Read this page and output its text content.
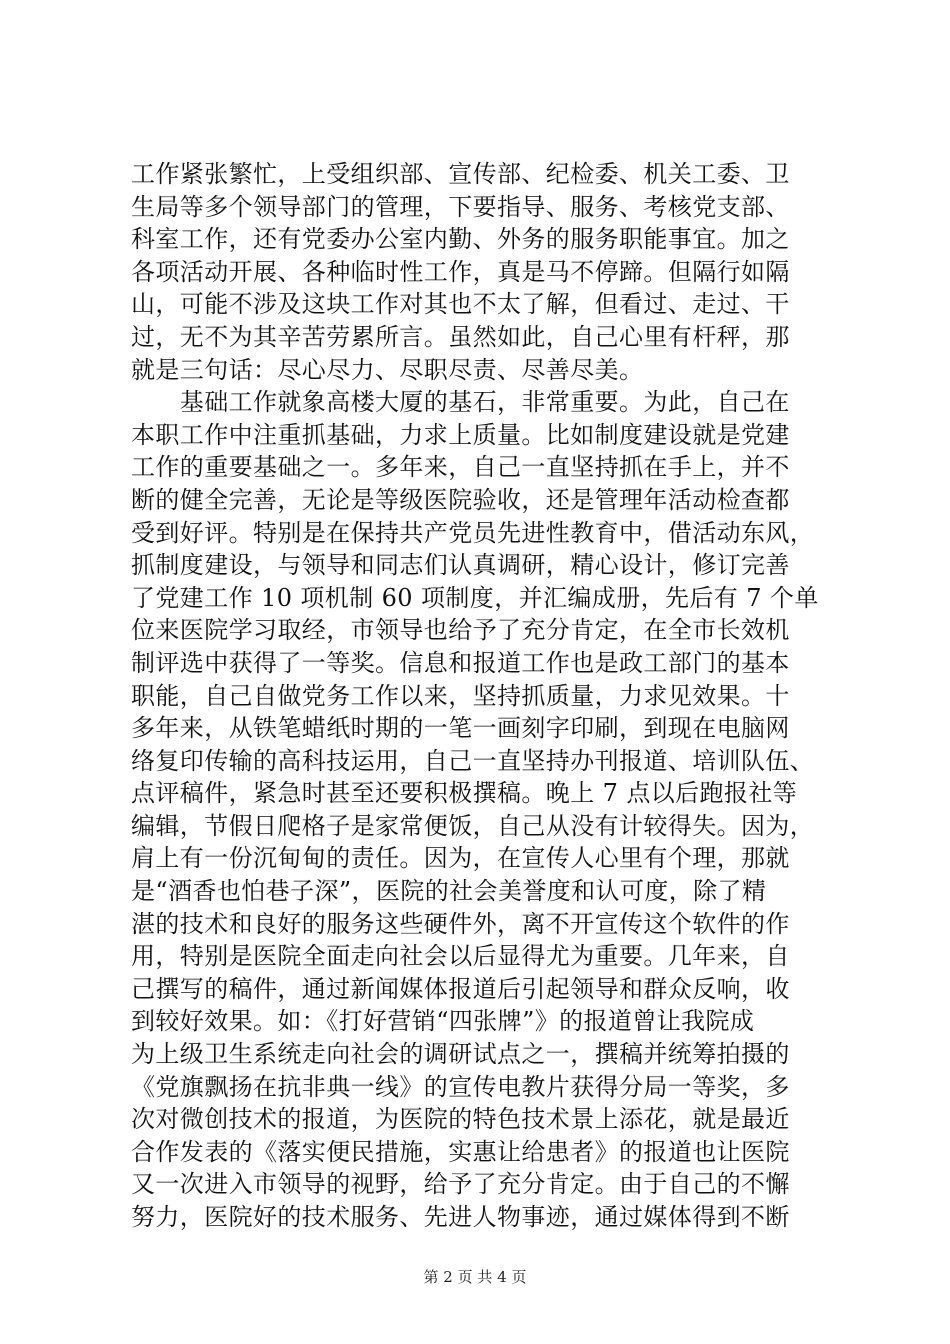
工作紧张繁忙，上受组织部、宣传部、纪检委、机关工委、卫
生局等多个领导部门的管理，下要指导、服务、考核党支部、
科室工作，还有党委办公室内勤、外务的服务职能事宜。加之
各项活动开展、各种临时性工作，真是马不停蹄。但隔行如隔
山，可能不涉及这块工作对其也不太了解，但看过、走过、干
过，无不为其辛苦劳累所言。虽然如此，自己心里有杆秤，那
就是三句话：尽心尽力、尽职尽责、尽善尽美。
　　基础工作就象高楼大厦的基石，非常重要。为此，自己在
本职工作中注重抓基础，力求上质量。比如制度建设就是党建
工作的重要基础之一。多年来，自己一直坚持抓在手上，并不
断的健全完善，无论是等级医院验收，还是管理年活动检查都
受到好评。特别是在保持共产党员先进性教育中，借活动东风，
抓制度建设，与领导和同志们认真调研，精心设计，修订完善
了党建工作 10 项机制 60 项制度，并汇编成册，先后有 7 个单
位来医院学习取经，市领导也给予了充分肯定，在全市长效机
制评选中获得了一等奖。信息和报道工作也是政工部门的基本
职能，自己自做党务工作以来，坚持抓质量，力求见效果。十
多年来，从铁笔蜡纸时期的一笔一画刻字印刷，到现在电脑网
络复印传输的高科技运用，自己一直坚持办刊报道、培训队伍、
点评稿件，紧急时甚至还要积极撰稿。晚上 7 点以后跑报社等
编辑，节假日爬格子是家常便饭，自己从没有计较得失。因为，
肩上有一份沉甸甸的责任。因为，在宣传人心里有个理，那就
是“酒香也怕巷子深”，医院的社会美誉度和认可度，除了精
湛的技术和良好的服务这些硬件外，离不开宣传这个软件的作
用，特别是医院全面走向社会以后显得尤为重要。几年来，自
己撰写的稿件，通过新闻媒体报道后引起领导和群众反响，收
到较好效果。如：《打好营销“四张牌”》的报道曾让我院成
为上级卫生系统走向社会的调研试点之一，撰稿并统筹拍摄的
《党旗飘扬在抗非典一线》的宣传电教片获得分局一等奖，多
次对微创技术的报道，为医院的特色技术景上添花，就是最近
合作发表的《落实便民措施，实惠让给患者》的报道也让医院
又一次进入市领导的视野，给予了充分肯定。由于自己的不懈
努力，医院好的技术服务、先进人物事迹，通过媒体得到不断
第 2 页 共 4 页
